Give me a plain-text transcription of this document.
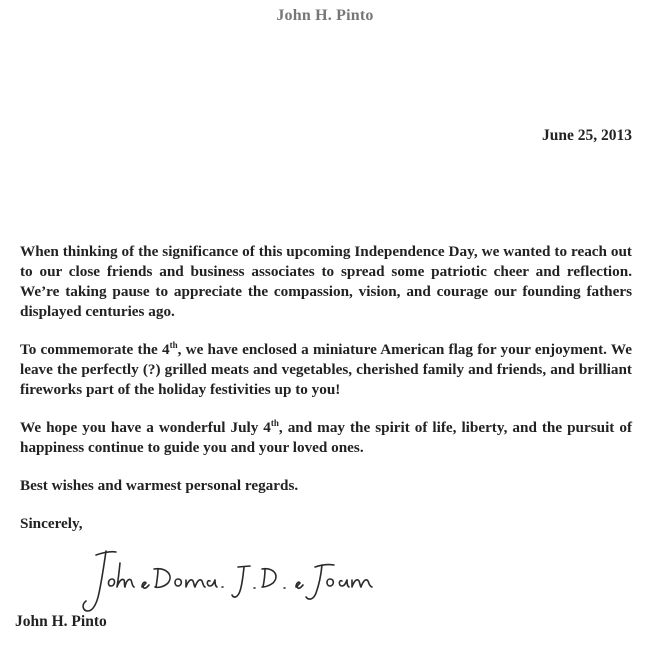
John H. Pinto
June 25, 2013

When thinking of the significance of this upcoming Independence Day, we wanted to reach out to our close friends and business associates to spread some patriotic cheer and reflection. We’re taking pause to appreciate the compassion, vision, and courage our founding fathers displayed centuries ago.

To commemorate the 4th, we have enclosed a miniature American flag for your enjoyment. We leave the perfectly (?) grilled meats and vegetables, cherished family and friends, and brilliant fireworks part of the holiday festivities up to you!

We hope you have a wonderful July 4th, and may the spirit of life, liberty, and the pursuit of happiness continue to guide you and your loved ones.

Best wishes and warmest personal regards.

Sincerely,

John H. Pinto
